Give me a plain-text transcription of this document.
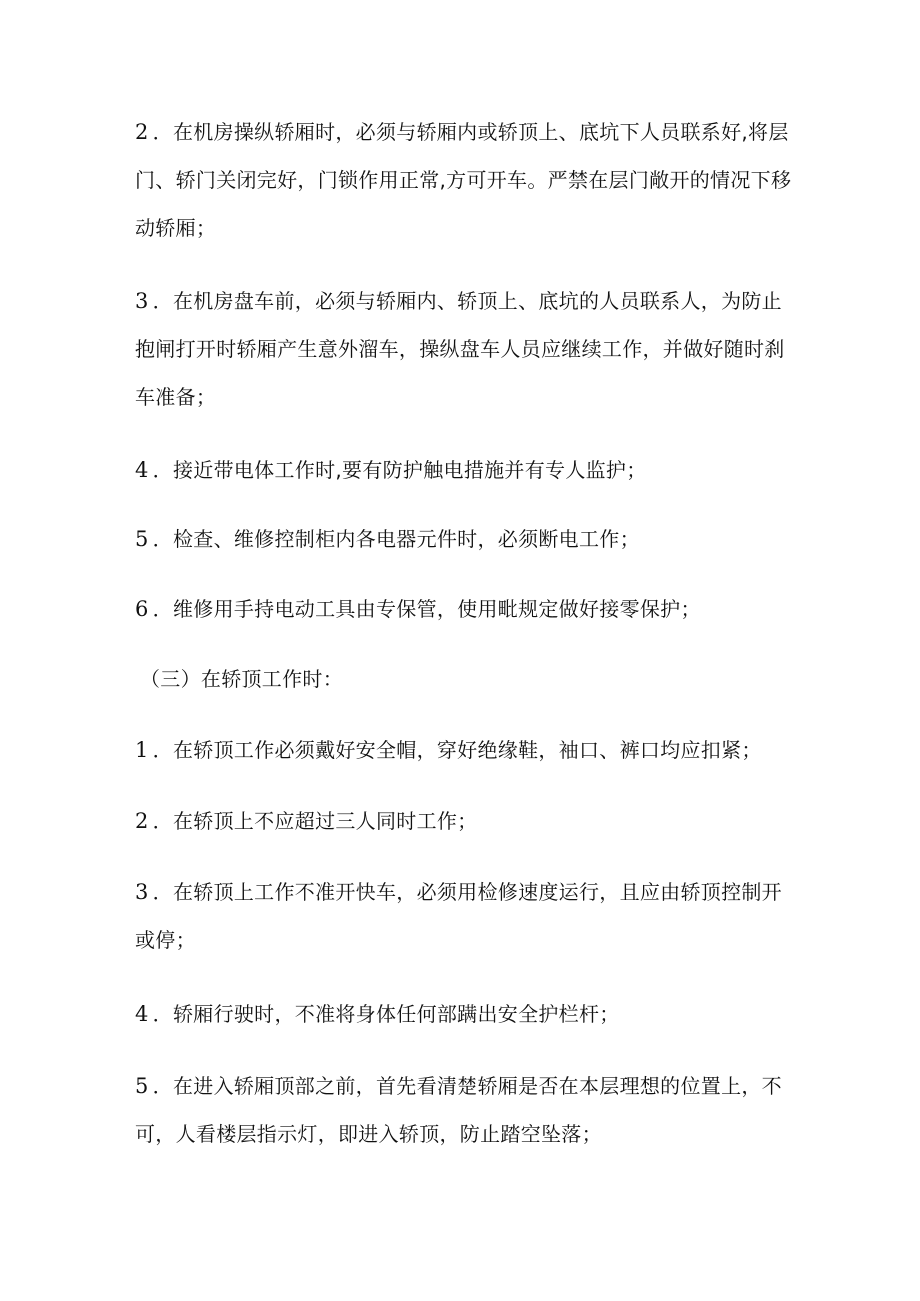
2 ．在机房操纵轿厢时，必须与轿厢内或轿顶上、底坑下人员联系好,将层门、轿门关闭完好，门锁作用正常,方可开车。严禁在层门敞开的情况下移动轿厢；

3 ．在机房盘车前，必须与轿厢内、轿顶上、底坑的人员联系人，为防止抱闸打开时轿厢产生意外溜车，操纵盘车人员应继续工作，并做好随时刹车准备；

4 ．接近带电体工作时,要有防护触电措施并有专人监护；

5 ．检查、维修控制柜内各电器元件时，必须断电工作；

6 ．维修用手持电动工具由专保管，使用毗规定做好接零保护；

（三）在轿顶工作时：

1 ．在轿顶工作必须戴好安全帽，穿好绝缘鞋，袖口、裤口均应扣紧；

2 ．在轿顶上不应超过三人同时工作；

3 ．在轿顶上工作不准开快车，必须用检修速度运行，且应由轿顶控制开或停；

4 ．轿厢行驶时，不准将身体任何部蹒出安全护栏杆；

5 ．在进入轿厢顶部之前，首先看清楚轿厢是否在本层理想的位置上，不可，人看楼层指示灯，即进入轿顶，防止踏空坠落；
